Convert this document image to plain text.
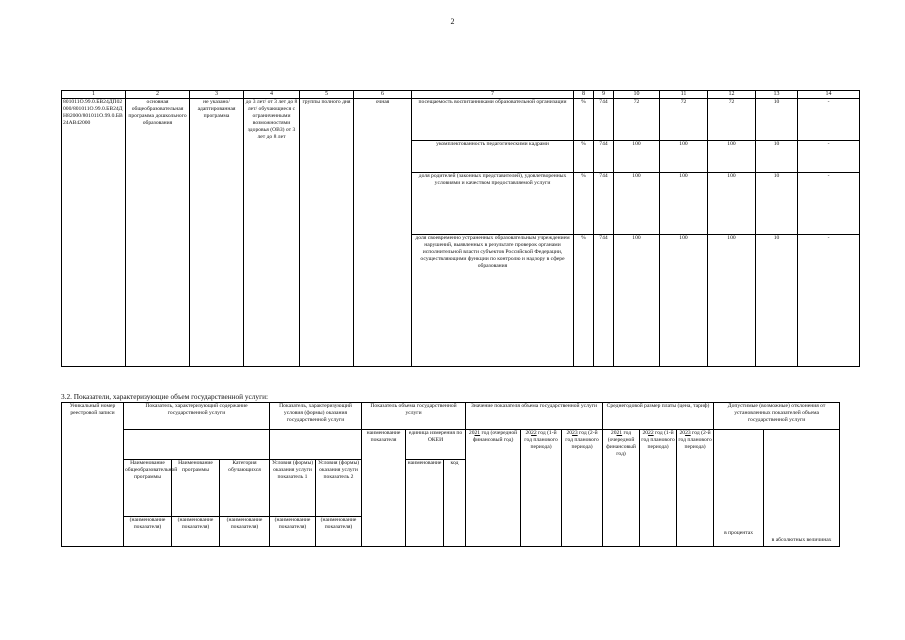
2
1	2	3	4	5	6	7	8	9	10	11	12	13	14
801011О.99.0.БВ24ДП02000/801011О.99.0.БВ24ДН82000/801011О.99.0.БВ24АВ42000	основная общеобразовательная программа дошкольного образования	не указано/ адаптированная программа	до 3 лет/ от 3 лет до 8 лет/ обучающиеся с ограниченными возможностями здоровья (ОВЗ) от 3 лет до 8 лет	группы полного дня	очная	посещаемость воспитанниками образовательной организации	%	744	72	72	72	10	-
						укомплектованность педагогическими кадрами	%	744	100	100	100	10	-
						доля родителей (законных представителей), удовлетворенных условиями и качеством предоставляемой услуги	%	744	100	100	100	10	-
						доля своевременно устраненных образовательным учреждением нарушений, выявленных в результате проверок органами исполнительной власти субъектов Российской Федерации, осуществляющими функции по контролю и надзору в сфере образования	%	744	100	100	100	10	-
3.2. Показатели, характеризующие объем государственной услуги:
Уникальный номер реестровой записи	Показатель, характеризующий содержание государственной услуги			Показатель, характеризующий условия (формы) оказания государственной услуги		Показатель объема государственной услуги			Значение показателя объема государственной услуги			Среднегодовой размер платы (цена, тариф)			Допустимые (возможные) отклонения от установленных показателей объема государственной услуги	
						наименование показателя	единица измерения по ОКЕИ		2021 год (очередной финансовый год)	2022 год (1-й год планового периода)	2023 год (2-й год планового периода)	2021 год (очередной финансовый год)	2022 год (1-й год планового периода)	2023 год (2-й год планового периода)	в процентах	в абсолютных величинах
	Наименование общеобразовательной программы	Наименование программы	Категория обучающихся	Условия (формы) оказания услуги показатель 1	Условия (формы) оказания услуги показатель 2		наименование	код								
	(наименование показателя)	(наименование показателя)	(наименование показателя)	(наименование показателя)	(наименование показателя)											
